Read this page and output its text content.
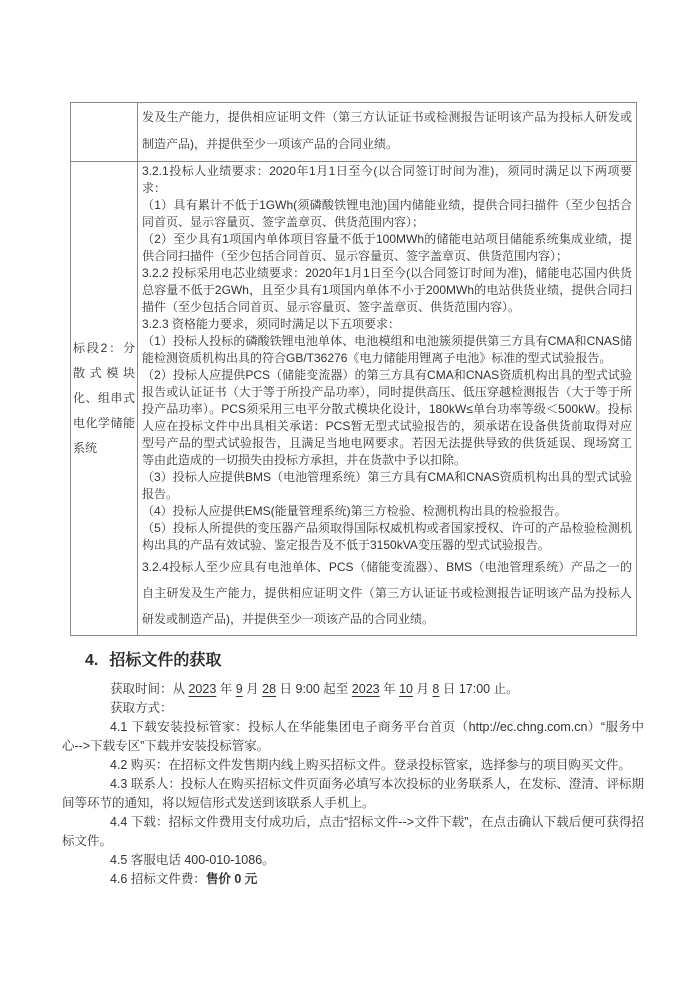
发及生产能力，提供相应证明文件（第三方认证证书或检测报告证明该产品为投标人研发或制造产品)，并提供至少一项该产品的合同业绩。

标段2：分散式模块化、组串式电化学储能系统

3.2.1投标人业绩要求：2020年1月1日至今(以合同签订时间为准)，须同时满足以下两项要求：

（1）具有累计不低于1GWh(须磷酸铁锂电池)国内储能业绩，提供合同扫描件（至少包括合同首页、显示容量页、签字盖章页、供货范围内容）；

（2）至少具有1项国内单体项目容量不低于100MWh的储能电站项目储能系统集成业绩，提供合同扫描件（至少包括合同首页、显示容量页、签字盖章页、供货范围内容）；

3.2.2 投标采用电芯业绩要求：2020年1月1日至今(以合同签订时间为准)，储能电芯国内供货总容量不低于2GWh，且至少具有1项国内单体不小于200MWh的电站供货业绩，提供合同扫描件（至少包括合同首页、显示容量页、签字盖章页、供货范围内容）。

3.2.3 资格能力要求，须同时满足以下五项要求：

（1）投标人投标的磷酸铁锂电池单体、电池模组和电池簇须提供第三方具有CMA和CNAS储能检测资质机构出具的符合GB/T36276《电力储能用锂离子电池》标准的型式试验报告。

（2）投标人应提供PCS（储能变流器）的第三方具有CMA和CNAS资质机构出具的型式试验报告或认证证书（大于等于所投产品功率），同时提供高压、低压穿越检测报告（大于等于所投产品功率）。PCS须采用三电平分散式模块化设计，180kW≤单台功率等级＜500kW。投标人应在投标文件中出具相关承诺：PCS暂无型式试验报告的，须承诺在设备供货前取得对应型号产品的型式试验报告，且满足当地电网要求。若因无法提供导致的供货延误、现场窝工等由此造成的一切损失由投标方承担，并在货款中予以扣除。

（3）投标人应提供BMS（电池管理系统）第三方具有CMA和CNAS资质机构出具的型式试验报告。

（4）投标人应提供EMS(能量管理系统)第三方检验、检测机构出具的检验报告。

（5）投标人所提供的变压器产品须取得国际权威机构或者国家授权、许可的产品检验检测机构出具的产品有效试验、鉴定报告及不低于3150kVA变压器的型式试验报告。

3.2.4投标人至少应具有电池单体、PCS（储能变流器）、BMS（电池管理系统）产品之一的自主研发及生产能力，提供相应证明文件（第三方认证证书或检测报告证明该产品为投标人研发或制造产品)，并提供至少一项该产品的合同业绩。

4. 招标文件的获取

获取时间：从 2023 年 9 月 28 日 9:00 起至 2023 年 10 月 8 日 17:00 止。

获取方式：

4.1 下载安装投标管家：投标人在华能集团电子商务平台首页（http://ec.chng.com.cn）“服务中心-->下载专区”下载并安装投标管家。

4.2 购买：在招标文件发售期内线上购买招标文件。登录投标管家，选择参与的项目购买文件。

4.3 联系人：投标人在购买招标文件页面务必填写本次投标的业务联系人，在发标、澄清、评标期间等环节的通知，将以短信形式发送到该联系人手机上。

4.4 下载：招标文件费用支付成功后，点击“招标文件-->文件下载”，在点击确认下载后便可获得招标文件。

4.5 客服电话 400-010-1086。

4.6 招标文件费：售价 0 元
